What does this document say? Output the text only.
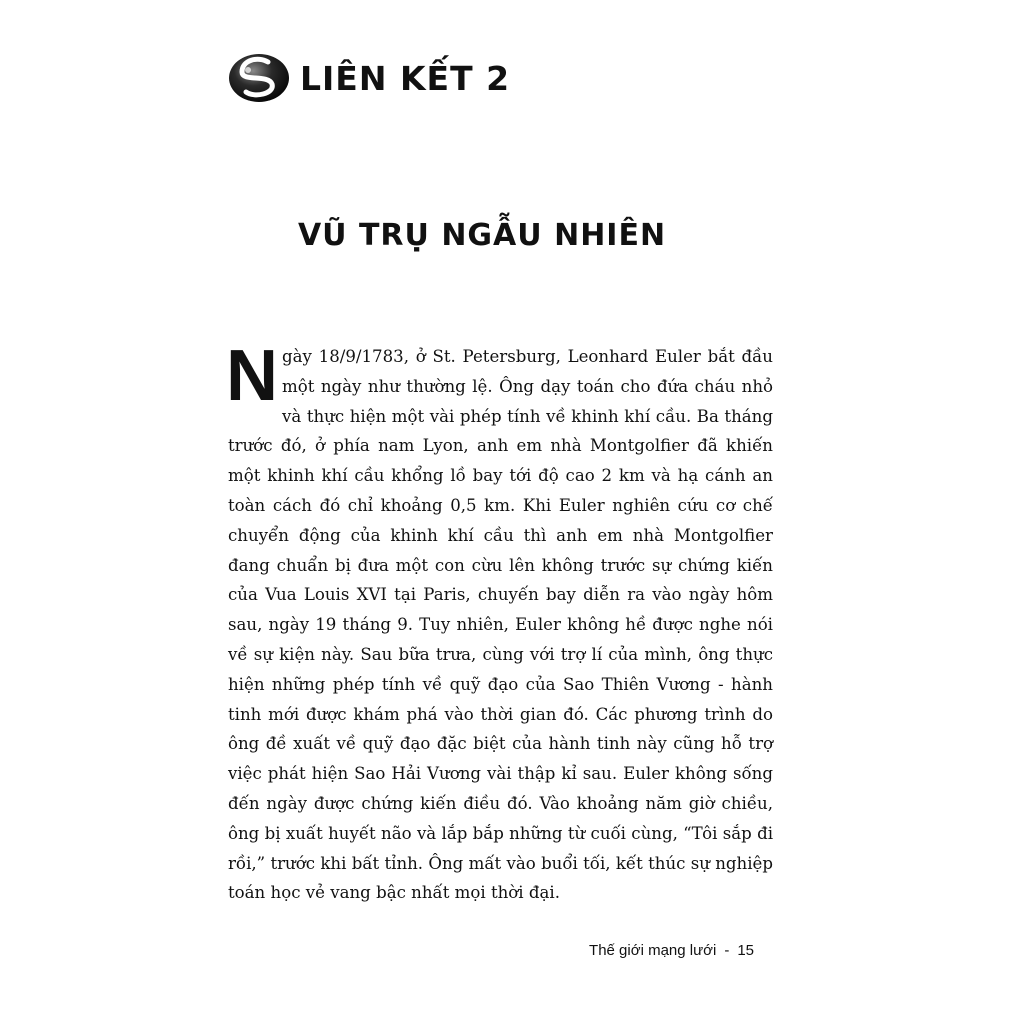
LIÊN KẾT 2
VŨ TRỤ NGẪU NHIÊN

Ngày 18/9/1783, ở St. Petersburg, Leonhard Euler bắt đầu một ngày như thường lệ. Ông dạy toán cho đứa cháu nhỏ và thực hiện một vài phép tính về khinh khí cầu. Ba tháng trước đó, ở phía nam Lyon, anh em nhà Montgolfier đã khiến một khinh khí cầu khổng lồ bay tới độ cao 2 km và hạ cánh an toàn cách đó chỉ khoảng 0,5 km. Khi Euler nghiên cứu cơ chế chuyển động của khinh khí cầu thì anh em nhà Montgolfier đang chuẩn bị đưa một con cừu lên không trước sự chứng kiến của Vua Louis XVI tại Paris, chuyến bay diễn ra vào ngày hôm sau, ngày 19 tháng 9. Tuy nhiên, Euler không hề được nghe nói về sự kiện này. Sau bữa trưa, cùng với trợ lí của mình, ông thực hiện những phép tính về quỹ đạo của Sao Thiên Vương - hành tinh mới được khám phá vào thời gian đó. Các phương trình do ông đề xuất về quỹ đạo đặc biệt của hành tinh này cũng hỗ trợ việc phát hiện Sao Hải Vương vài thập kỉ sau. Euler không sống đến ngày được chứng kiến điều đó. Vào khoảng năm giờ chiều, ông bị xuất huyết não và lắp bắp những từ cuối cùng, “Tôi sắp đi rồi,” trước khi bất tỉnh. Ông mất vào buổi tối, kết thúc sự nghiệp toán học vẻ vang bậc nhất mọi thời đại.

Thế giới mạng lưới - 15
